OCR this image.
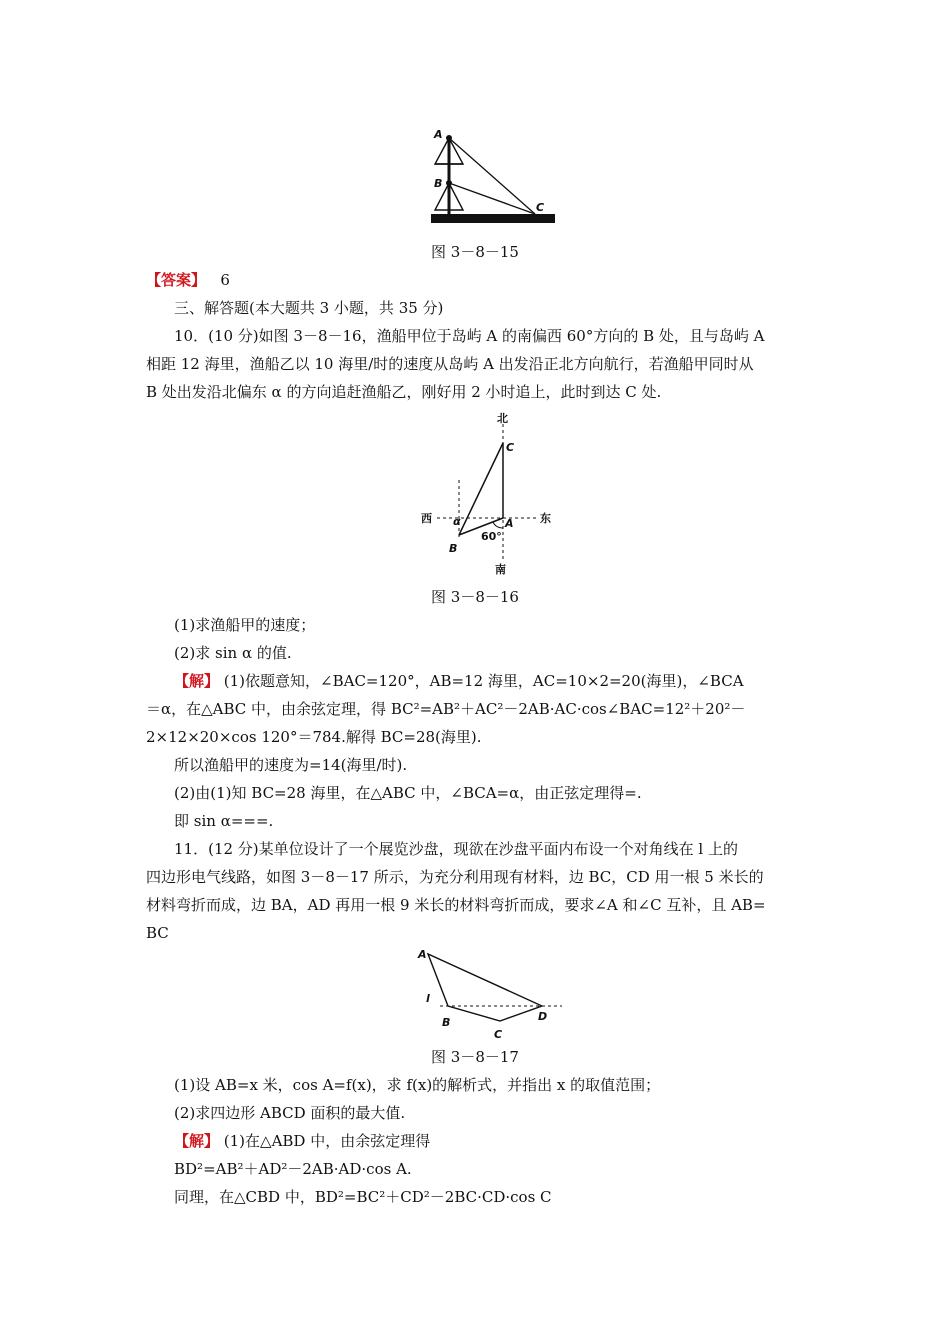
A
B
C
图 3－8－15
【答案】 6
三、解答题(本大题共 3 小题，共 35 分)
10．(10 分)如图 3－8－16，渔船甲位于岛屿 A 的南偏西 60°方向的 B 处，且与岛屿 A
相距 12 海里，渔船乙以 10 海里/时的速度从岛屿 A 出发沿正北方向航行，若渔船甲同时从
B 处出发沿北偏东 α 的方向追赶渔船乙，刚好用 2 小时追上，此时到达 C 处.
北
南
西	东
C
A
B
α
60°
图 3－8－16
(1)求渔船甲的速度；
(2)求 sin α 的值.
【解】 (1)依题意知，∠BAC=120°，AB=12 海里，AC=10×2=20(海里)，∠BCA
＝α，在△ABC 中，由余弦定理，得 BC²=AB²＋AC²－2AB·AC·cos∠BAC=12²＋20²－
2×12×20×cos 120°＝784.解得 BC=28(海里).
所以渔船甲的速度为=14(海里/时).
(2)由(1)知 BC=28 海里，在△ABC 中，∠BCA=α，由正弦定理得=.
即 sin α===.
11．(12 分)某单位设计了一个展览沙盘，现欲在沙盘平面内布设一个对角线在 l 上的
四边形电气线路，如图 3－8－17 所示，为充分利用现有材料，边 BC，CD 用一根 5 米长的
材料弯折而成，边 BA，AD 再用一根 9 米长的材料弯折而成，要求∠A 和∠C 互补，且 AB=
BC
A
l
B
C
D
图 3－8－17
(1)设 AB=x 米，cos A=f(x)，求 f(x)的解析式，并指出 x 的取值范围；
(2)求四边形 ABCD 面积的最大值.
【解】 (1)在△ABD 中，由余弦定理得
BD²=AB²＋AD²－2AB·AD·cos A.
同理，在△CBD 中，BD²=BC²＋CD²－2BC·CD·cos C
